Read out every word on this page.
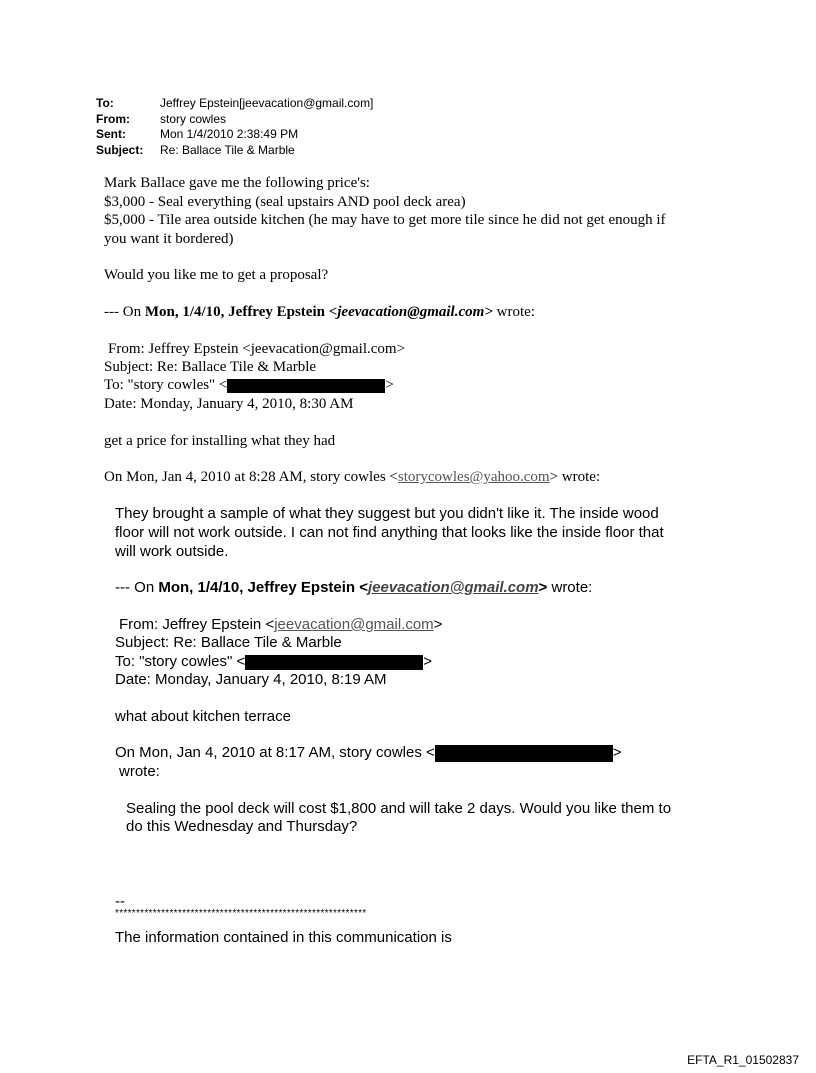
To:	Jeffrey Epstein[jeevacation@gmail.com]
From:	story cowles
Sent:	Mon 1/4/2010 2:38:49 PM
Subject: Re: Ballace Tile & Marble
Mark Ballace gave me the following price's:
$3,000 - Seal everything (seal upstairs AND pool deck area)
$5,000 - Tile area outside kitchen (he may have to get more tile since he did not get enough if
you want it bordered)
Would you like me to get a proposal?
--- On Mon, 1/4/10, Jeffrey Epstein <jeevacation@gmail.com> wrote:
From: Jeffrey Epstein <jeevacation@gmail.com>
Subject: Re: Ballace Tile & Marble
To: "story cowles" <	>
Date: Monday, January 4, 2010, 8:30 AM
get a price for installing what they had
On Mon, Jan 4, 2010 at 8:28 AM, story cowles <storycowles@yahoo.com> wrote:
They brought a sample of what they suggest but you didn't like it. The inside wood
floor will not work outside. I can not find anything that looks like the inside floor that
will work outside.
--- On Mon, 1/4/10, Jeffrey Epstein <jeevacation@gmail.com> wrote:
From: Jeffrey Epstein <jeevacation@gmail.com>
Subject: Re: Ballace Tile & Marble
To: "story cowles" <	>
Date: Monday, January 4, 2010, 8:19 AM
what about kitchen terrace
On Mon, Jan 4, 2010 at 8:17 AM, story cowles <	>
wrote:
Sealing the pool deck will cost $1,800 and will take 2 days. Would you like them to
do this Wednesday and Thursday?
--
************************************************************
The information contained in this communication is
EFTA_R1_01502837
